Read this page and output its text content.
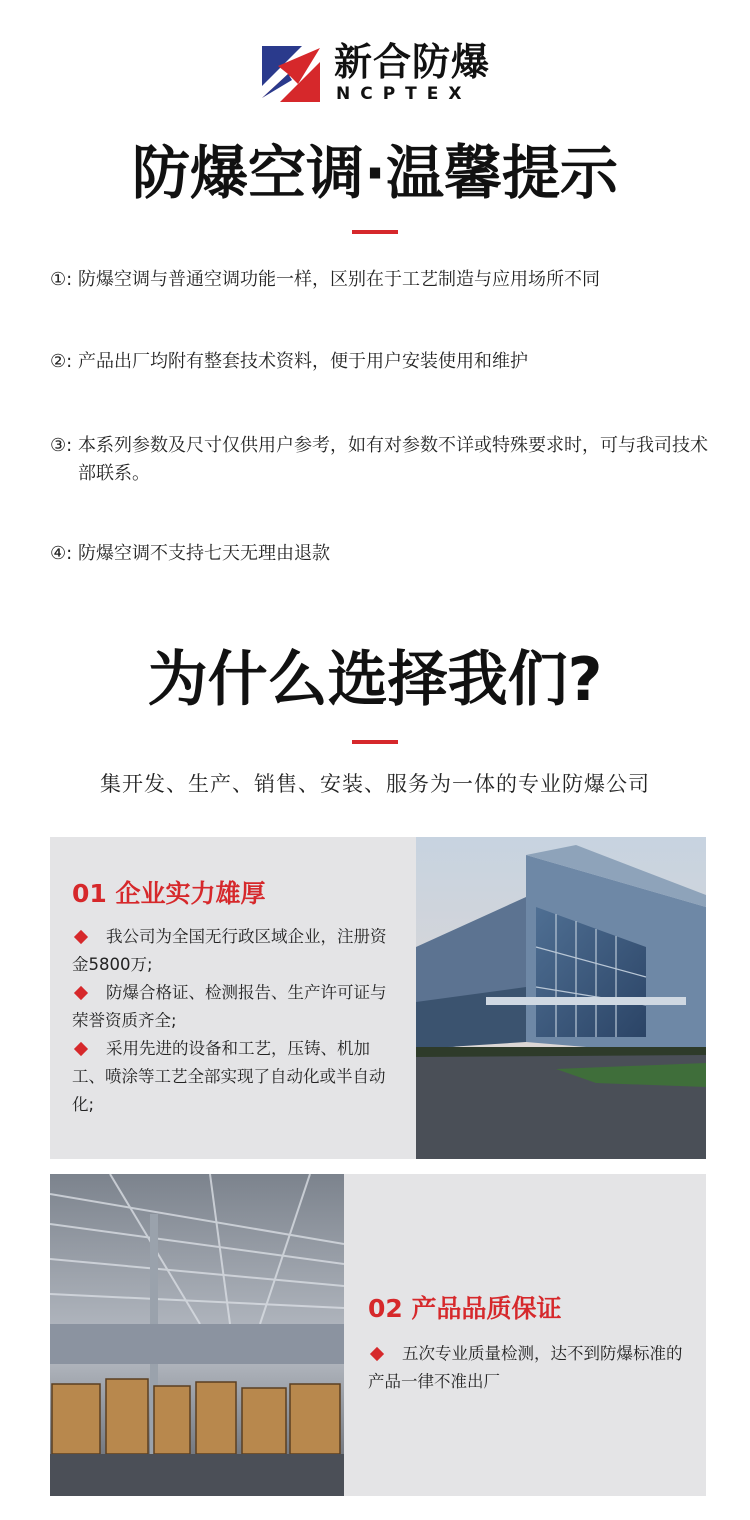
新合防爆
NCPTEX
防爆空调·温馨提示
①: 防爆空调与普通空调功能一样，区别在于工艺制造与应用场所不同
②: 产品出厂均附有整套技术资料，便于用户安装使用和维护
③: 本系列参数及尺寸仅供用户参考，如有对参数不详或特殊要求时，可与我司技术部联系。
④: 防爆空调不支持七天无理由退款
为什么选择我们?
集开发、生产、销售、安装、服务为一体的专业防爆公司
01 企业实力雄厚
我公司为全国无行政区域企业，注册资金5800万;
防爆合格证、检测报告、生产许可证与荣誉资质齐全;
采用先进的设备和工艺，压铸、机加工、喷涂等工艺全部实现了自动化或半自动化;
02 产品品质保证
五次专业质量检测，达不到防爆标准的产品一律不准出厂
